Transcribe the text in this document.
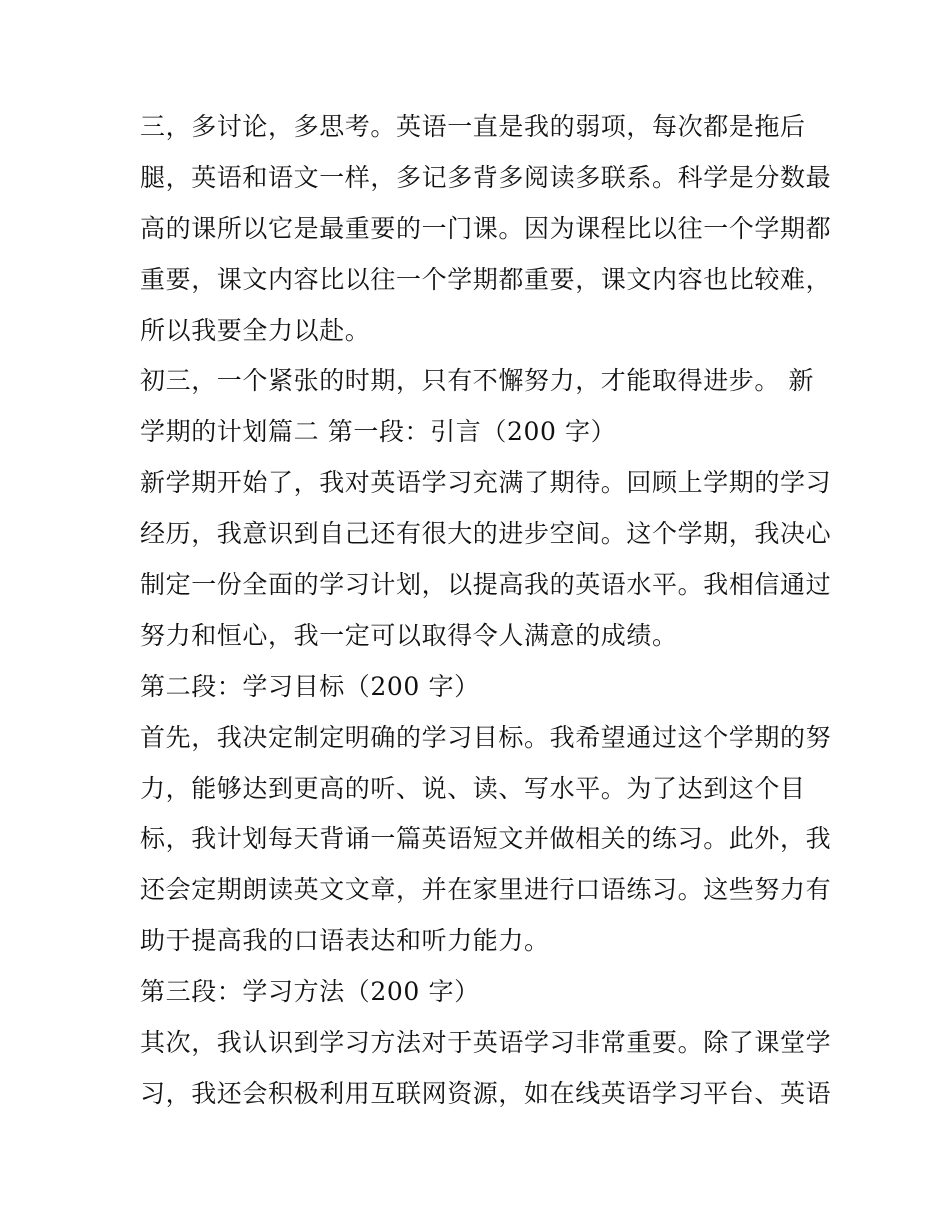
三，多讨论，多思考。英语一直是我的弱项，每次都是拖后
腿，英语和语文一样，多记多背多阅读多联系。科学是分数最
高的课所以它是最重要的一门课。因为课程比以往一个学期都
重要，课文内容比以往一个学期都重要，课文内容也比较难，
所以我要全力以赴。
初三，一个紧张的时期，只有不懈努力，才能取得进步。 新
学期的计划篇二 第一段：引言（200 字）
新学期开始了，我对英语学习充满了期待。回顾上学期的学习
经历，我意识到自己还有很大的进步空间。这个学期，我决心
制定一份全面的学习计划，以提高我的英语水平。我相信通过
努力和恒心，我一定可以取得令人满意的成绩。
第二段：学习目标（200 字）
首先，我决定制定明确的学习目标。我希望通过这个学期的努
力，能够达到更高的听、说、读、写水平。为了达到这个目
标，我计划每天背诵一篇英语短文并做相关的练习。此外，我
还会定期朗读英文文章，并在家里进行口语练习。这些努力有
助于提高我的口语表达和听力能力。
第三段：学习方法（200 字）
其次，我认识到学习方法对于英语学习非常重要。除了课堂学
习，我还会积极利用互联网资源，如在线英语学习平台、英语
